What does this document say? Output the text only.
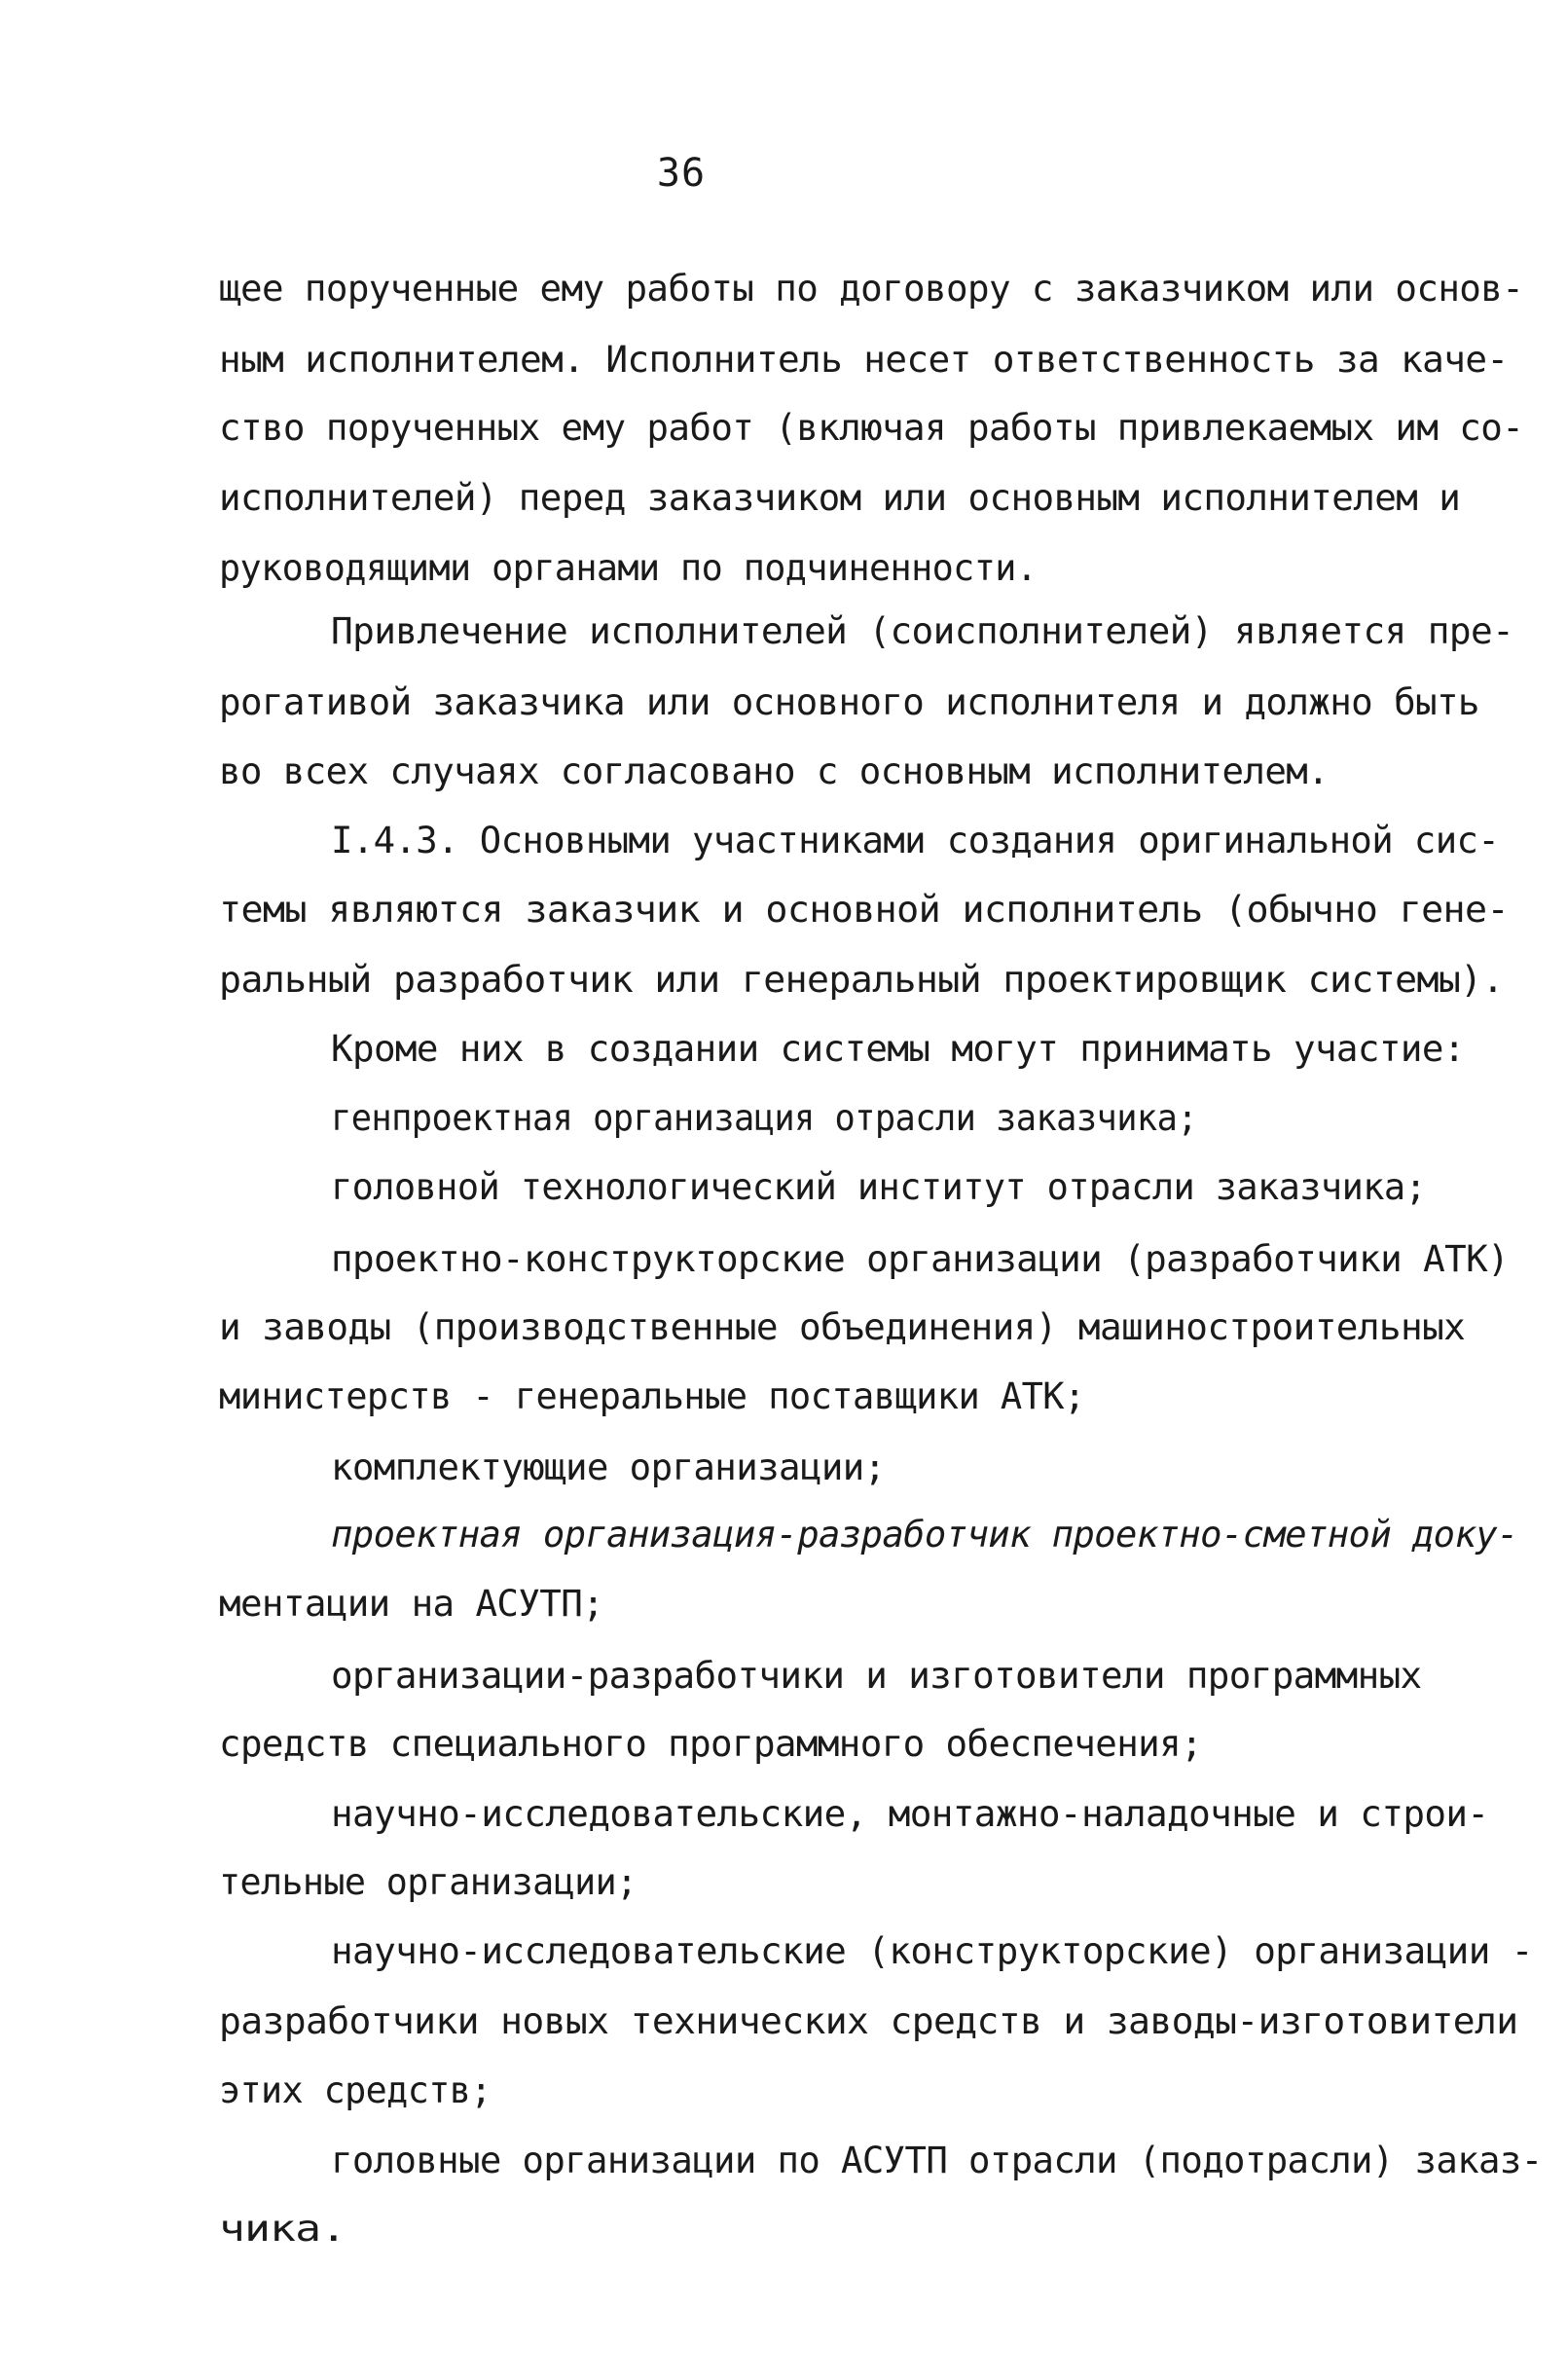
36
щее порученные ему работы по договору с заказчиком или основ-
ным исполнителем. Исполнитель несет ответственность за каче-
ство порученных ему работ (включая работы привлекаемых им со-
исполнителей) перед заказчиком или основным исполнителем и
руководящими органами по подчиненности.
Привлечение исполнителей (соисполнителей) является пре-
рогативой заказчика или основного исполнителя и должно быть
во всех случаях согласовано с основным исполнителем.
I.4.3. Основными участниками создания оригинальной сис-
темы являются заказчик и основной исполнитель (обычно гене-
ральный разработчик или генеральный проектировщик системы).
Кроме них в создании системы могут принимать участие:
генпроектная организация отрасли заказчика;
головной технологический институт отрасли заказчика;
проектно-конструкторские организации (разработчики АТК)
и заводы (производственные объединения) машиностроительных
министерств - генеральные поставщики АТК;
комплектующие организации;
проектная организация-разработчик проектно-сметной доку-
ментации на АСУТП;
организации-разработчики и изготовители программных
средств специального программного обеспечения;
научно-исследовательские, монтажно-наладочные и строи-
тельные организации;
научно-исследовательские (конструкторские) организации -
разработчики новых технических средств и заводы-изготовители
этих средств;
головные организации по АСУТП отрасли (подотрасли) заказ-
чика.
